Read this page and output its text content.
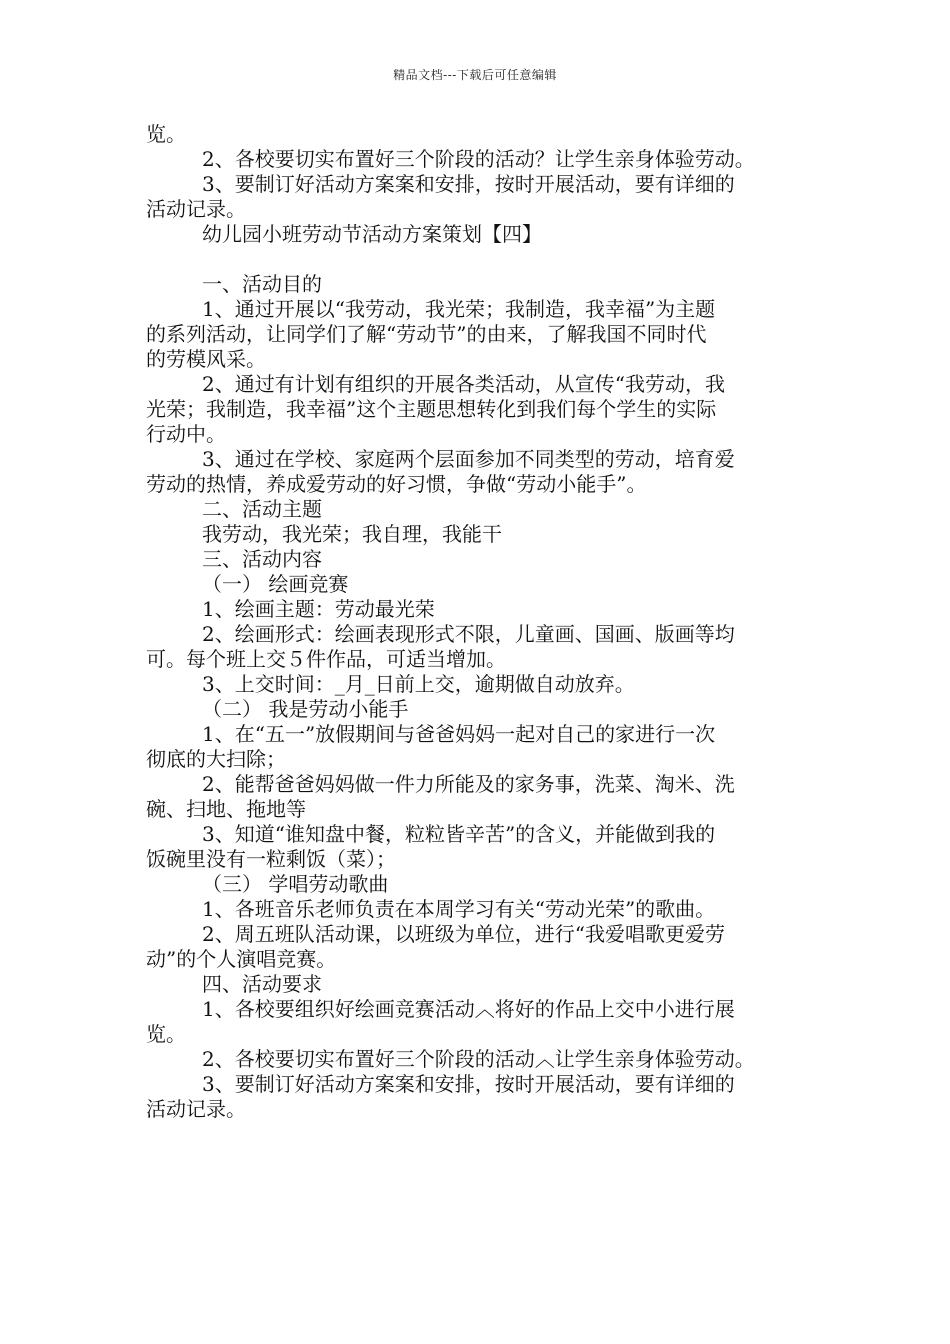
精品文档---下载后可任意编辑
览。
2、各校要切实布置好三个阶段的活动？让学生亲身体验劳动。
3、要制订好活动方案案和安排，按时开展活动，要有详细的
活动记录。
幼儿园小班劳动节活动方案策划【四】
一、活动目的
1、通过开展以“我劳动，我光荣；我制造，我幸福”为主题
的系列活动，让同学们了解“劳动节”的由来，了解我国不同时代
的劳模风采。
2、通过有计划有组织的开展各类活动，从宣传“我劳动，我
光荣；我制造，我幸福”这个主题思想转化到我们每个学生的实际
行动中。
3、通过在学校、家庭两个层面参加不同类型的劳动，培育爱
劳动的热情，养成爱劳动的好习惯，争做“劳动小能手”。
二、活动主题
我劳动，我光荣；我自理，我能干
三、活动内容
（一） 绘画竞赛
1、绘画主题：劳动最光荣
2、绘画形式：绘画表现形式不限，儿童画、国画、版画等均
可。每个班上交５件作品，可适当增加。
3、上交时间：_月_日前上交，逾期做自动放弃。
（二） 我是劳动小能手
1、在“五一”放假期间与爸爸妈妈一起对自己的家进行一次
彻底的大扫除；
2、能帮爸爸妈妈做一件力所能及的家务事，洗菜、淘米、洗
碗、扫地、拖地等
3、知道“谁知盘中餐，粒粒皆辛苦”的含义，并能做到我的
饭碗里没有一粒剩饭（菜）；
（三） 学唱劳动歌曲
1、各班音乐老师负责在本周学习有关“劳动光荣”的歌曲。
2、周五班队活动课，以班级为单位，进行“我爱唱歌更爱劳
动”的个人演唱竞赛。
四、活动要求
1、各校要组织好绘画竞赛活动︿将好的作品上交中小进行展
览。
2、各校要切实布置好三个阶段的活动︿让学生亲身体验劳动。
3、要制订好活动方案案和安排，按时开展活动，要有详细的
活动记录。
